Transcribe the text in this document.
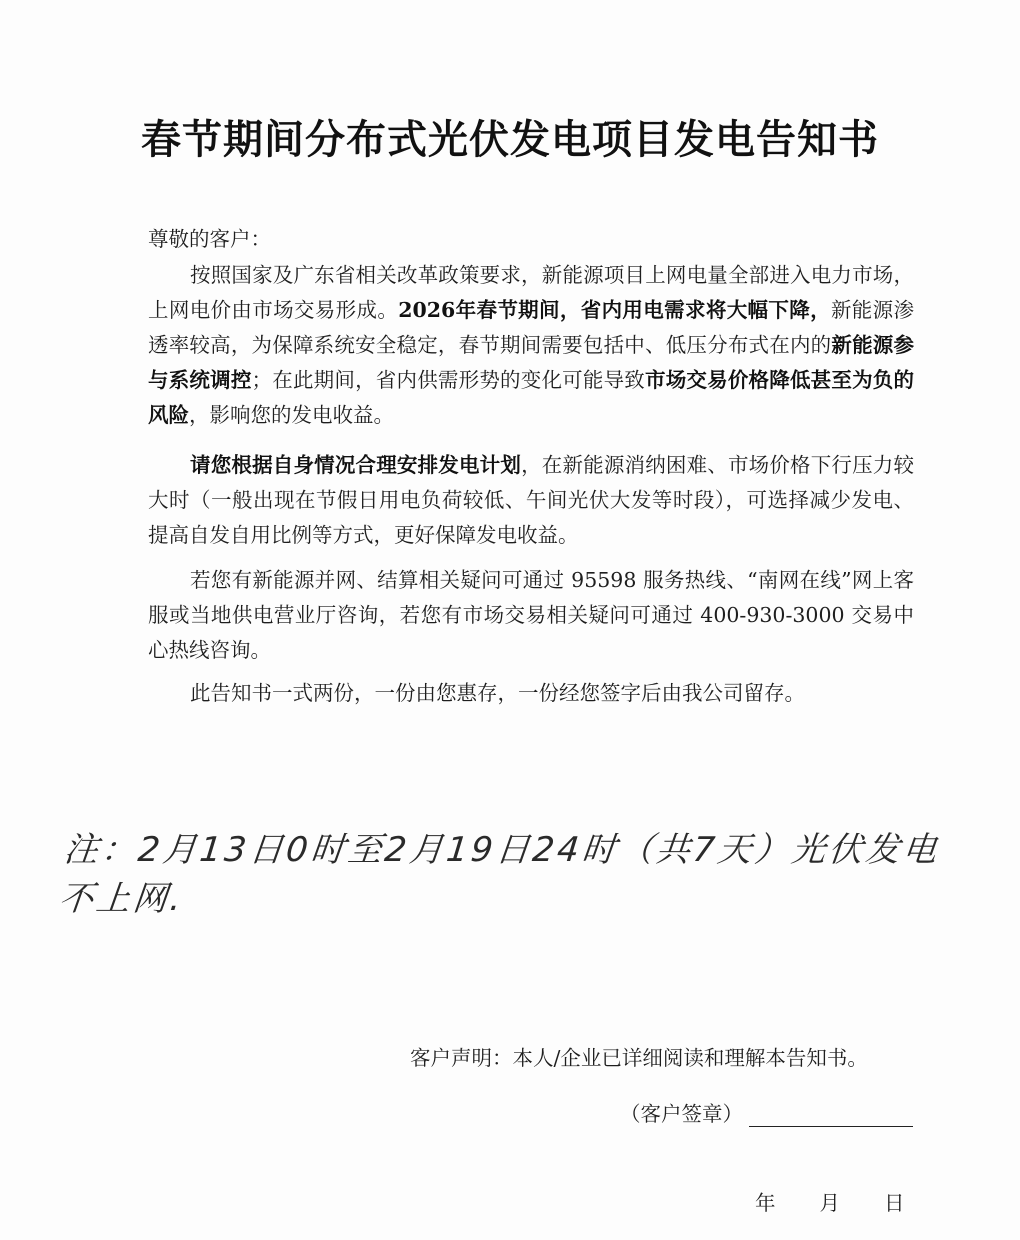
春节期间分布式光伏发电项目发电告知书
尊敬的客户：
按照国家及广东省相关改革政策要求，新能源项目上网电量全部进入电力市场，上网电价由市场交易形成。2026年春节期间，省内用电需求将大幅下降，新能源渗透率较高，为保障系统安全稳定，春节期间需要包括中、低压分布式在内的新能源参与系统调控；在此期间，省内供需形势的变化可能导致市场交易价格降低甚至为负的风险，影响您的发电收益。
请您根据自身情况合理安排发电计划，在新能源消纳困难、市场价格下行压力较大时（一般出现在节假日用电负荷较低、午间光伏大发等时段），可选择减少发电、提高自发自用比例等方式，更好保障发电收益。
若您有新能源并网、结算相关疑问可通过 95598 服务热线、“南网在线”网上客服或当地供电营业厅咨询，若您有市场交易相关疑问可通过 400-930-3000 交易中心热线咨询。
此告知书一式两份，一份由您惠存，一份经您签字后由我公司留存。
注：2月13日0时至2月19日24时（共7天）光伏发电不上网.
客户声明：本人/企业已详细阅读和理解本告知书。
（客户签章）
年 月 日
